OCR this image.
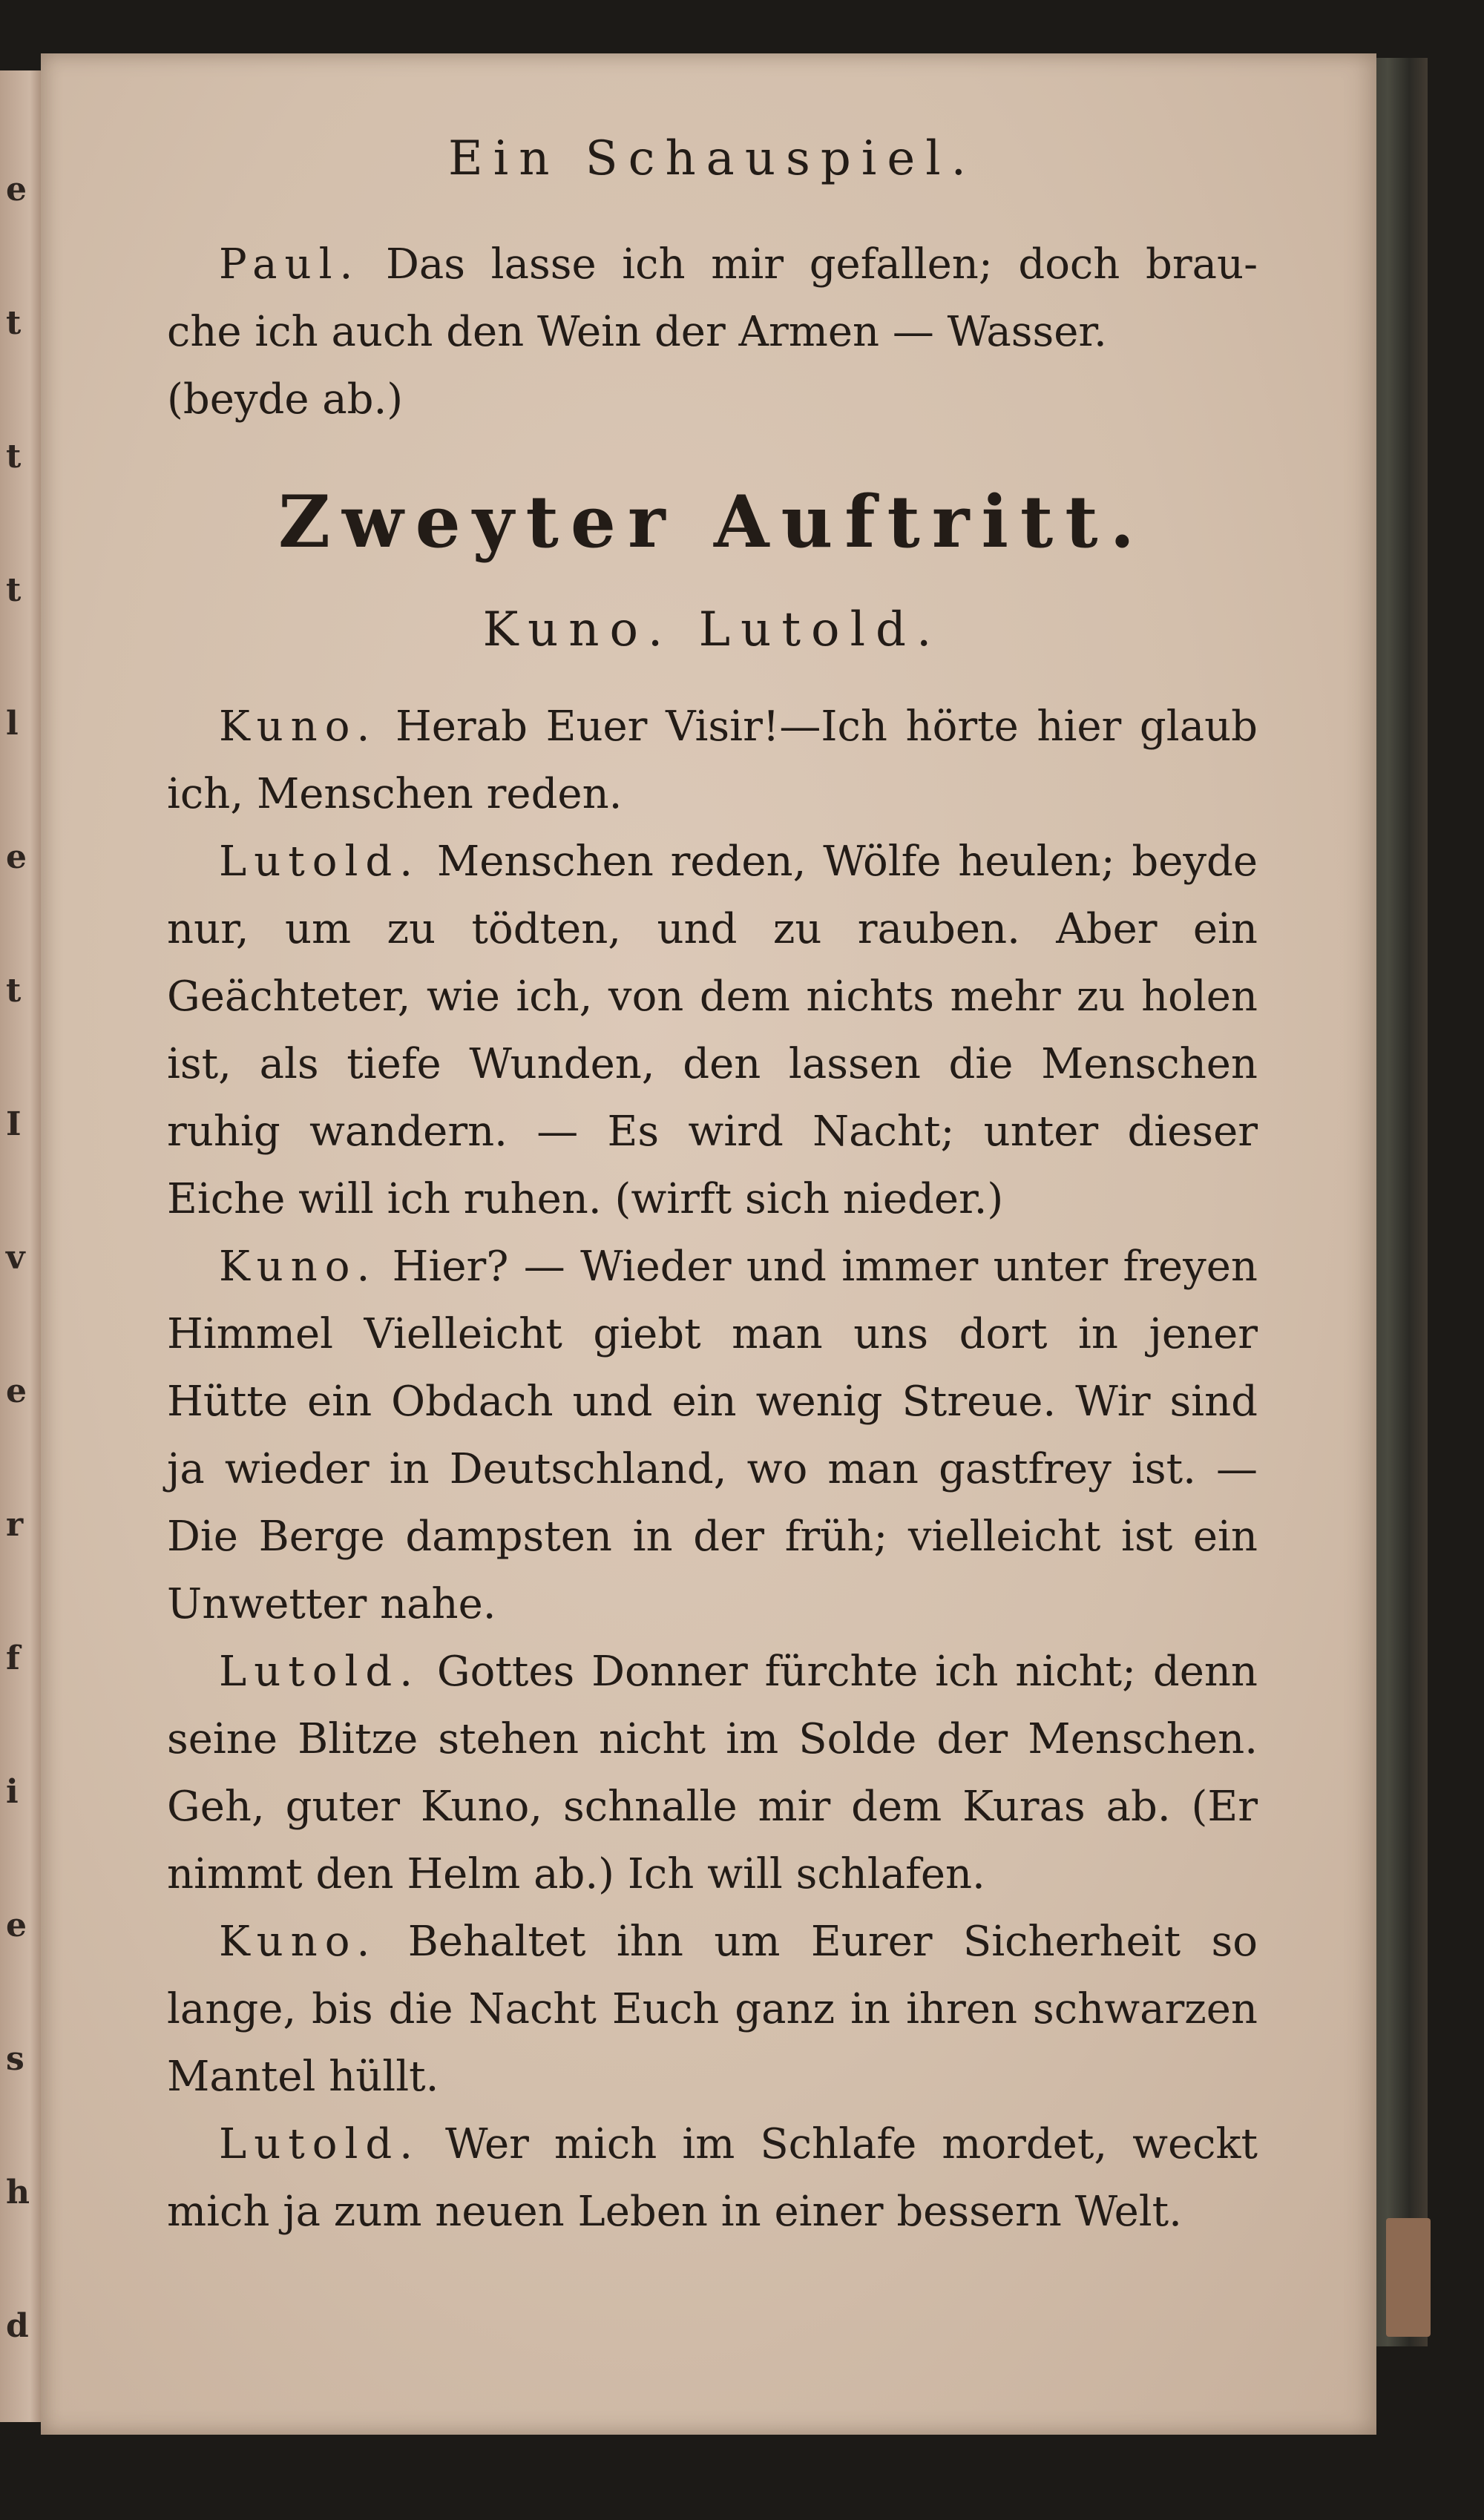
e
t
t
t
l
e
t
I
v
e
r
f
i
e
s
h
d
Ein Schauspiel.

Paul. Das lasse ich mir gefallen; doch brau- che ich auch den Wein der Armen — Wasser.

(beyde ab.)

Zweyter Auftritt.
Kuno. Lutold.

Kuno. Herab Euer Visir!—Ich hörte hier glaub ich, Menschen reden.

Lutold. Menschen reden, Wölfe heulen; beyde nur, um zu tödten, und zu rauben. Aber ein Geächteter, wie ich, von dem nichts mehr zu holen ist, als tiefe Wunden, den lassen die Menschen ruhig wandern. — Es wird Nacht; unter dieser Eiche will ich ruhen. (wirft sich nieder.)

Kuno. Hier? — Wieder und immer unter freyen Himmel Vielleicht giebt man uns dort in jener Hütte ein Obdach und ein wenig Streue. Wir sind ja wieder in Deutschland, wo man gastfrey ist. — Die Berge dampsten in der früh; vielleicht ist ein Unwetter nahe.

Lutold. Gottes Donner fürchte ich nicht; denn seine Blitze stehen nicht im Solde der Menschen. Geh, guter Kuno, schnalle mir dem Kuras ab. (Er nimmt den Helm ab.) Ich will schlafen.

Kuno. Behaltet ihn um Eurer Sicherheit so lange, bis die Nacht Euch ganz in ihren schwarzen Mantel hüllt.

Lutold. Wer mich im Schlafe mordet, weckt mich ja zum neuen Leben in einer bessern Welt.
